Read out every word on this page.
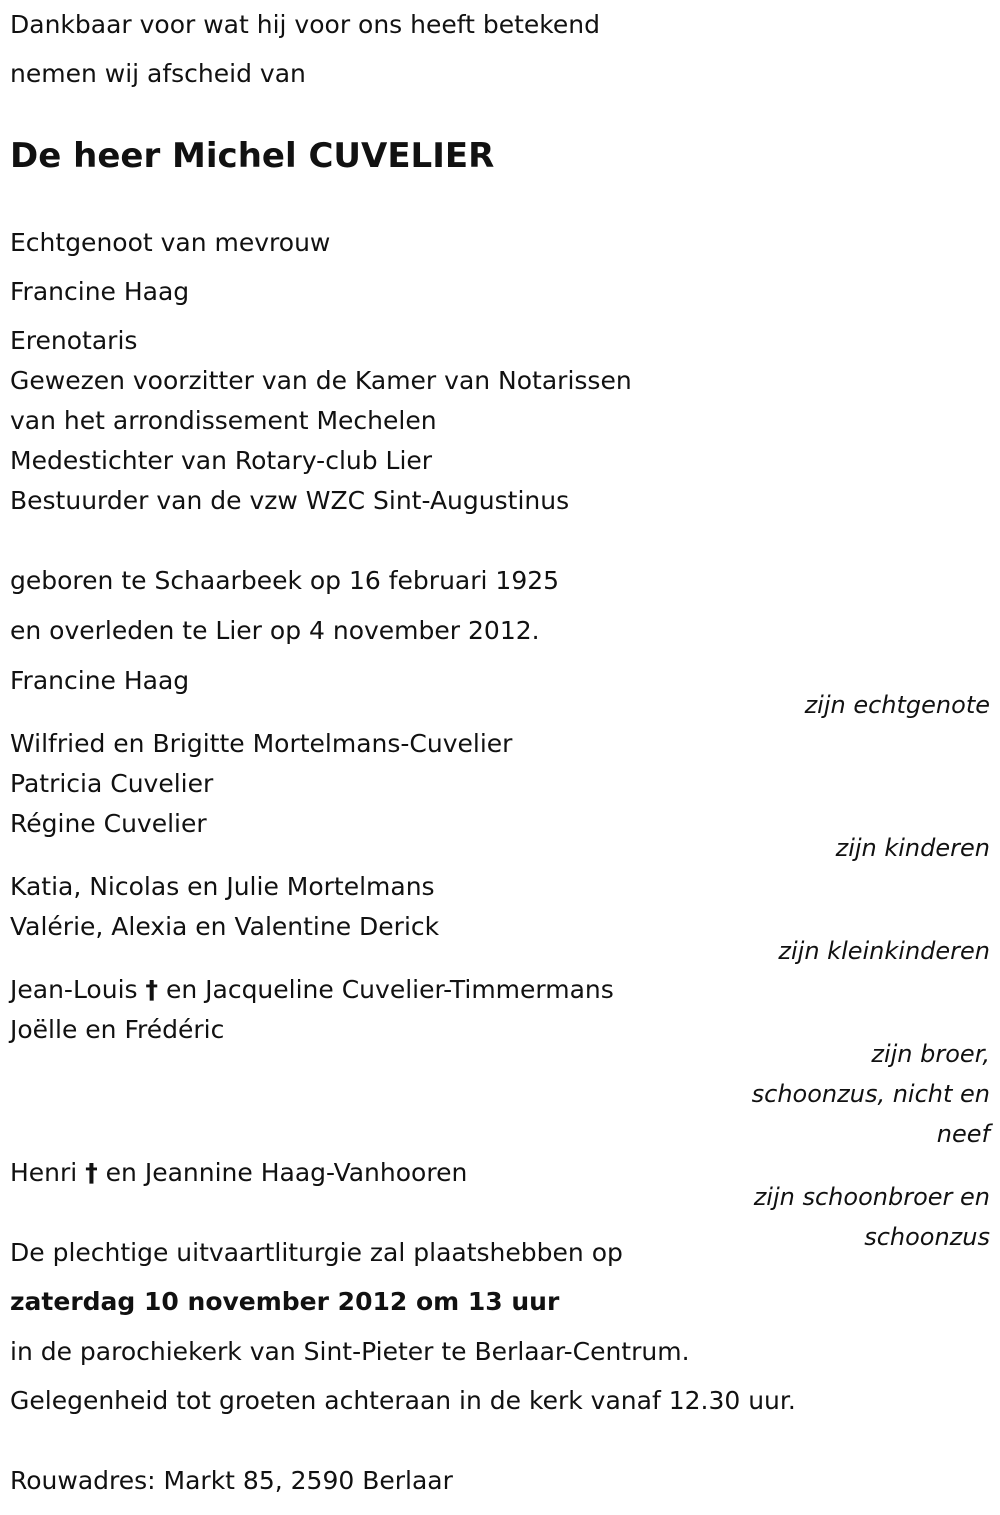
Dankbaar voor wat hij voor ons heeft betekend

nemen wij afscheid van

De heer Michel CUVELIER

Echtgenoot van mevrouw

Francine Haag

Erenotaris

Gewezen voorzitter van de Kamer van Notarissen

van het arrondissement Mechelen

Medestichter van Rotary-club Lier

Bestuurder van de vzw WZC Sint-Augustinus

geboren te Schaarbeek op 16 februari 1925

en overleden te Lier op 4 november 2012.

Francine Haag

zijn echtgenote

Wilfried en Brigitte Mortelmans-Cuvelier

Patricia Cuvelier

Régine Cuvelier

zijn kinderen

Katia, Nicolas en Julie Mortelmans

Valérie, Alexia en Valentine Derick

zijn kleinkinderen

Jean-Louis † en Jacqueline Cuvelier-Timmermans

Joëlle en Frédéric

zijn broer,
schoonzus, nicht en
neef

Henri † en Jeannine Haag-Vanhooren

zijn schoonbroer en
schoonzus

De plechtige uitvaartliturgie zal plaatshebben op

zaterdag 10 november 2012 om 13 uur

in de parochiekerk van Sint-Pieter te Berlaar-Centrum.

Gelegenheid tot groeten achteraan in de kerk vanaf 12.30 uur.

Rouwadres: Markt 85, 2590 Berlaar
